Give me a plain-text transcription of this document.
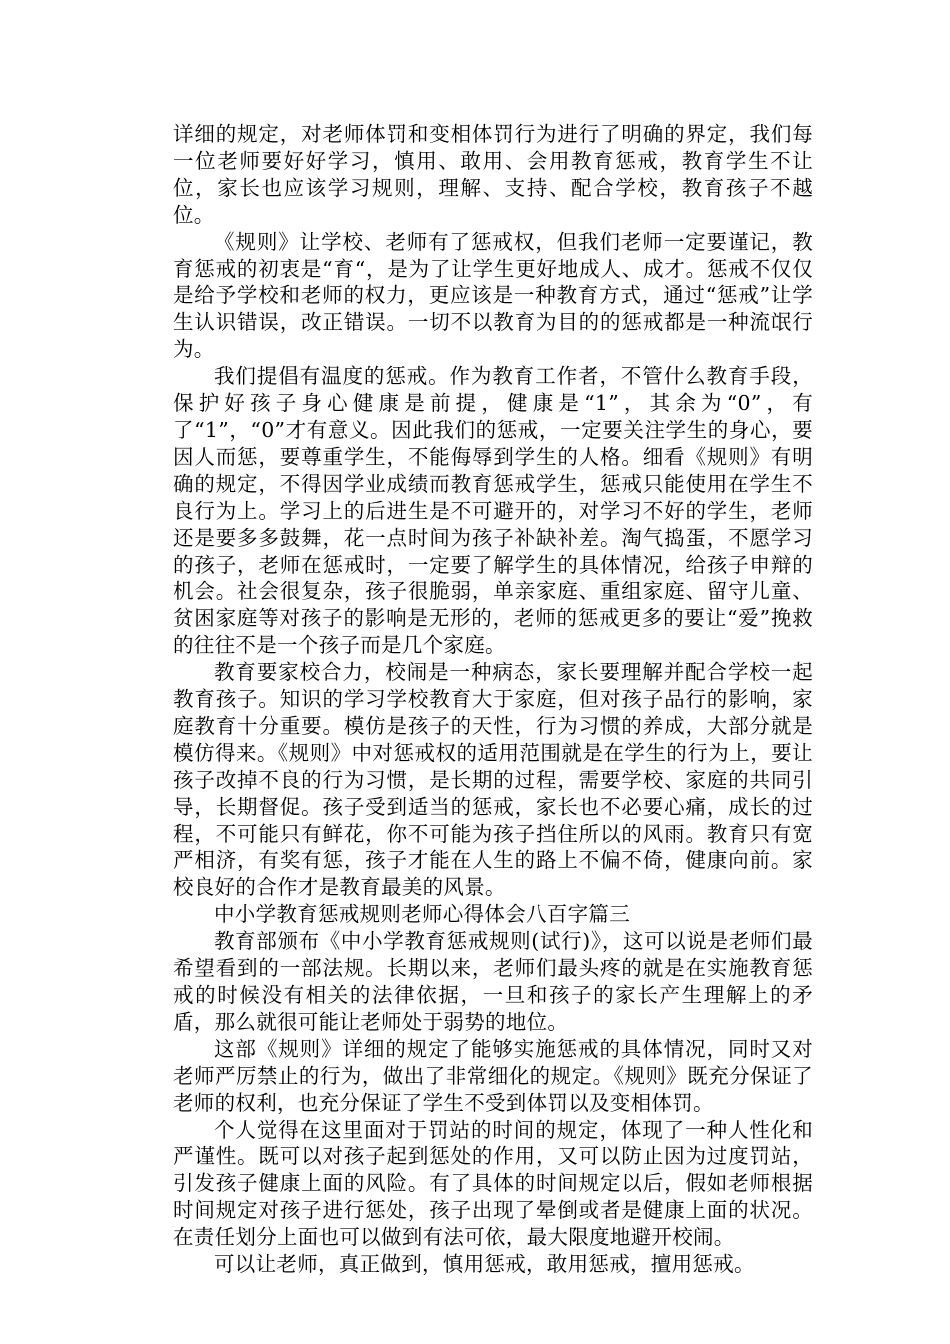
详细的规定，对老师体罚和变相体罚行为进行了明确的界定，我们每一位老师要好好学习，慎用、敢用、会用教育惩戒，教育学生不让位，家长也应该学习规则，理解、支持、配合学校，教育孩子不越位。

《规则》让学校、老师有了惩戒权，但我们老师一定要谨记，教育惩戒的初衷是“育“，是为了让学生更好地成人、成才。惩戒不仅仅是给予学校和老师的权力，更应该是一种教育方式，通过“惩戒”让学生认识错误，改正错误。一切不以教育为目的的惩戒都是一种流氓行为。

我们提倡有温度的惩戒。作为教育工作者，不管什么教育手段，保护好孩子身心健康是前提，健康是“1”，其余为“0”，有了“1”，“0”才有意义。因此我们的惩戒，一定要关注学生的身心，要因人而惩，要尊重学生，不能侮辱到学生的人格。细看《规则》有明确的规定，不得因学业成绩而教育惩戒学生，惩戒只能使用在学生不良行为上。学习上的后进生是不可避开的，对学习不好的学生，老师还是要多多鼓舞，花一点时间为孩子补缺补差。淘气捣蛋，不愿学习的孩子，老师在惩戒时，一定要了解学生的具体情况，给孩子申辩的机会。社会很复杂，孩子很脆弱，单亲家庭、重组家庭、留守儿童、贫困家庭等对孩子的影响是无形的，老师的惩戒更多的要让“爱”挽救的往往不是一个孩子而是几个家庭。

教育要家校合力，校闹是一种病态，家长要理解并配合学校一起教育孩子。知识的学习学校教育大于家庭，但对孩子品行的影响，家庭教育十分重要。模仿是孩子的天性，行为习惯的养成，大部分就是模仿得来。《规则》中对惩戒权的适用范围就是在学生的行为上，要让孩子改掉不良的行为习惯，是长期的过程，需要学校、家庭的共同引导，长期督促。孩子受到适当的惩戒，家长也不必要心痛，成长的过程，不可能只有鲜花，你不可能为孩子挡住所以的风雨。教育只有宽严相济，有奖有惩，孩子才能在人生的路上不偏不倚，健康向前。家校良好的合作才是教育最美的风景。

中小学教育惩戒规则老师心得体会八百字篇三

教育部颁布《中小学教育惩戒规则(试行)》，这可以说是老师们最希望看到的一部法规。长期以来，老师们最头疼的就是在实施教育惩戒的时候没有相关的法律依据，一旦和孩子的家长产生理解上的矛盾，那么就很可能让老师处于弱势的地位。

这部《规则》详细的规定了能够实施惩戒的具体情况，同时又对老师严厉禁止的行为，做出了非常细化的规定。《规则》既充分保证了老师的权利，也充分保证了学生不受到体罚以及变相体罚。

个人觉得在这里面对于罚站的时间的规定，体现了一种人性化和严谨性。既可以对孩子起到惩处的作用，又可以防止因为过度罚站，引发孩子健康上面的风险。有了具体的时间规定以后，假如老师根据时间规定对孩子进行惩处，孩子出现了晕倒或者是健康上面的状况。在责任划分上面也可以做到有法可依，最大限度地避开校闹。

可以让老师，真正做到，慎用惩戒，敢用惩戒，擅用惩戒。
